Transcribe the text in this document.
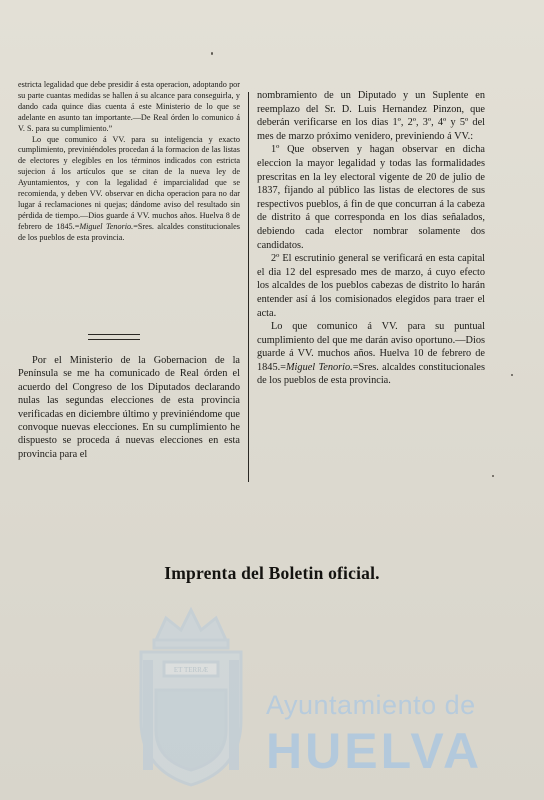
estricta legalidad que debe presidir á esta operacion, adoptando por su parte cuantas medidas se hallen á su alcance para conseguirla, y dando cada quince dias cuenta á este Ministerio de lo que se adelante en asunto tan importante.—De Real órden lo comunico á V. S. para su cumplimiento.”

Lo que comunico á VV. para su inteligencia y exacto cumplimiento, previniéndoles procedan á la formacion de las listas de electores y elegibles en los términos indicados con estricta sujecion á los artículos que se citan de la nueva ley de Ayuntamientos, y con la legalidad é imparcialidad que se recomienda, y deben VV. observar en dicha operacion para no dar lugar á reclamaciones ni quejas; dándome aviso del resultado sin pérdida de tiempo.—Dios guarde á VV. muchos años. Huelva 8 de febrero de 1845.=Miguel Tenorio.=Sres. alcaldes constitucionales de los pueblos de esta provincia.

Por el Ministerio de la Gobernacion de la Península se me ha comunicado de Real órden el acuerdo del Congreso de los Diputados declarando nulas las segundas elecciones de esta provincia verificadas en diciembre último y previniéndome que convoque nuevas elecciones. En su cumplimiento he dispuesto se proceda á nuevas elecciones en esta provincia para el

nombramiento de un Diputado y un Suplente en reemplazo del Sr. D. Luis Hernandez Pinzon, que deberán verificarse en los dias 1º, 2º, 3º, 4º y 5º del mes de marzo próximo venidero, previniendo á VV.:

1º Que observen y hagan observar en dicha eleccion la mayor legalidad y todas las formalidades prescritas en la ley electoral vigente de 20 de julio de 1837, fijando al público las listas de electores de sus respectivos pueblos, á fin de que concurran á la cabeza de distrito á que corresponda en los dias señalados, debiendo cada elector nombrar solamente dos candidatos.

2º El escrutinio general se verificará en esta capital el dia 12 del espresado mes de marzo, á cuyo efecto los alcaldes de los pueblos cabezas de distrito lo harán entender así á los comisionados elegidos para traer el acta.

Lo que comunico á VV. para su puntual cumplimiento del que me darán aviso oportuno.—Dios guarde á VV. muchos años. Huelva 10 de febrero de 1845.=Miguel Tenorio.=Sres. alcaldes constitucionales de los pueblos de esta provincia.

Imprenta del Boletin oficial.
ET TERRÆ
Ayuntamiento de
HUELVA
